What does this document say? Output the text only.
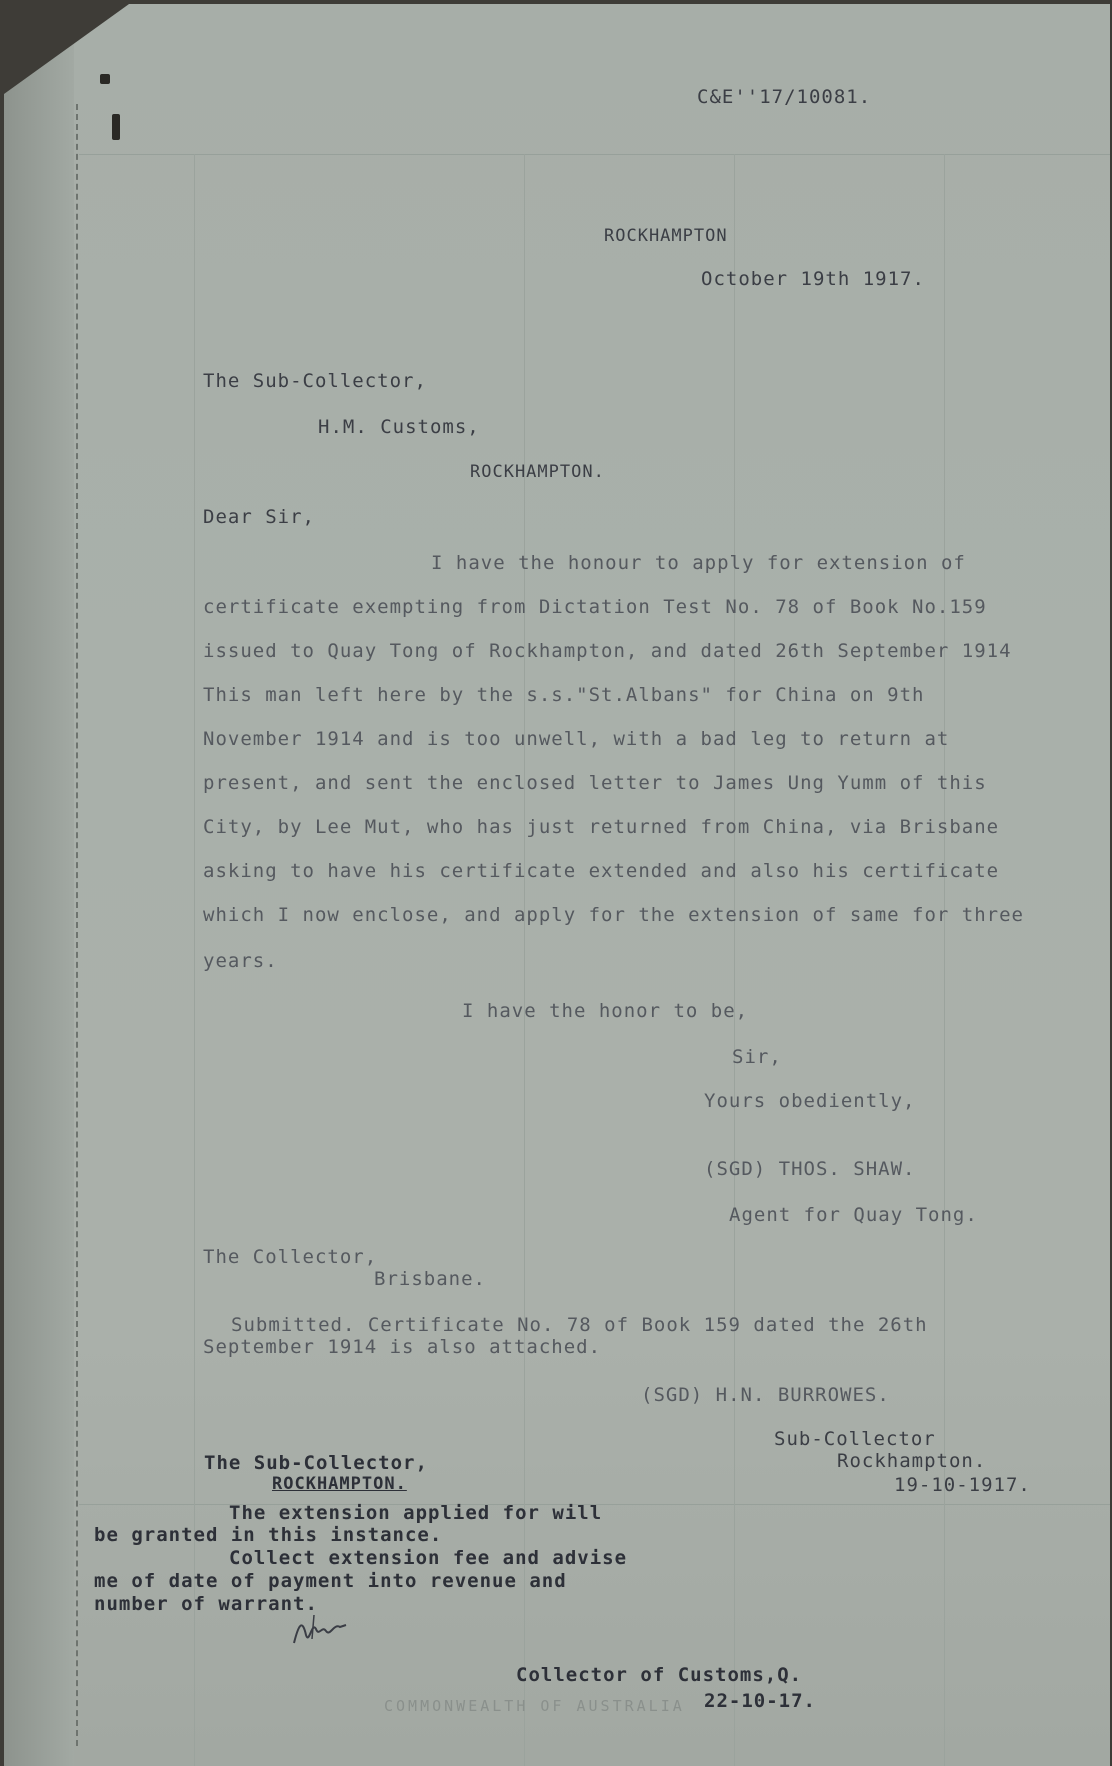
C&E''17/10081.
ROCKHAMPTON
October 19th 1917.
The Sub-Collector,
H.M. Customs,
ROCKHAMPTON.
Dear Sir,
I have the honour to apply for extension of
certificate exempting from Dictation Test No. 78 of Book No.159
issued to Quay Tong of Rockhampton, and dated 26th September 1914
This man left here by the s.s."St.Albans" for China on 9th
November 1914 and is too unwell, with a bad leg to return at
present, and sent the enclosed letter to James Ung Yumm of this
City, by Lee Mut, who has just returned from China, via Brisbane
asking to have his certificate extended and also his certificate
which I now enclose, and apply for the extension of same for three
years.
I have the honor to be,
Sir,
Yours obediently,
(SGD) THOS. SHAW.
Agent for Quay Tong.
The Collector,
Brisbane.
Submitted. Certificate No. 78 of Book 159 dated the 26th
September 1914 is also attached.
(SGD) H.N. BURROWES.
Sub-Collector
Rockhampton.
19-10-1917.
The Sub-Collector,
ROCKHAMPTON.
The extension applied for will
be granted in this instance.
Collect extension fee and advise
me of date of payment into revenue and
number of warrant.
COMMONWEALTH OF AUSTRALIA
Collector of Customs,Q.
22-10-17.
